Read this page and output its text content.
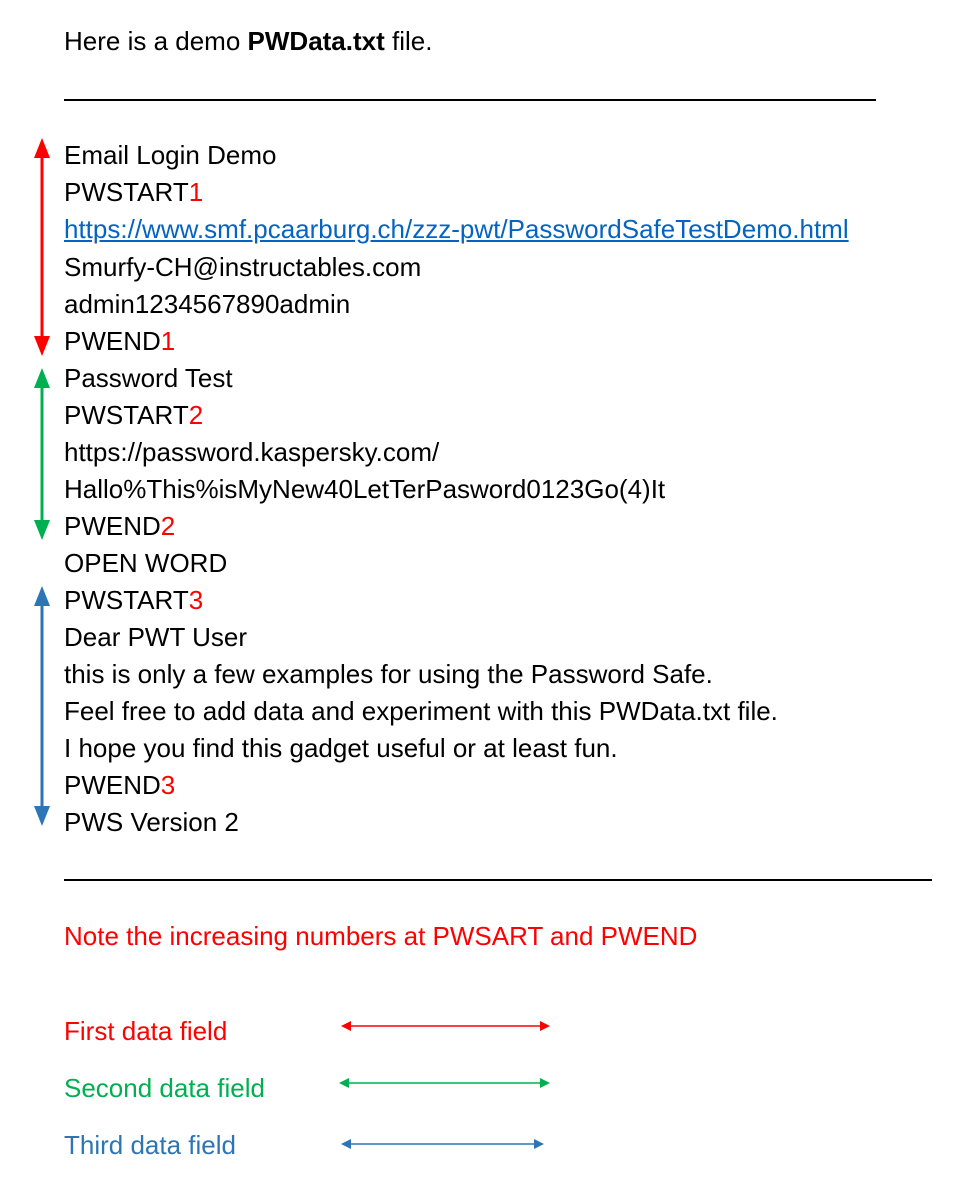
Here is a demo PWData.txt file.
Email Login Demo
PWSTART1
https://www.smf.pcaarburg.ch/zzz-pwt/PasswordSafeTestDemo.html
Smurfy-CH@instructables.com
admin1234567890admin
PWEND1
Password Test
PWSTART2
https://password.kaspersky.com/
Hallo%This%isMyNew40LetTerPasword0123Go(4)It
PWEND2
OPEN WORD
PWSTART3
Dear PWT User
this is only a few examples for using the Password Safe.
Feel free to add data and experiment with this PWData.txt file.
I hope you find this gadget useful or at least fun.
PWEND3
PWS Version 2
Note the increasing numbers at PWSART and PWEND
First data field
Second data field
Third data field
